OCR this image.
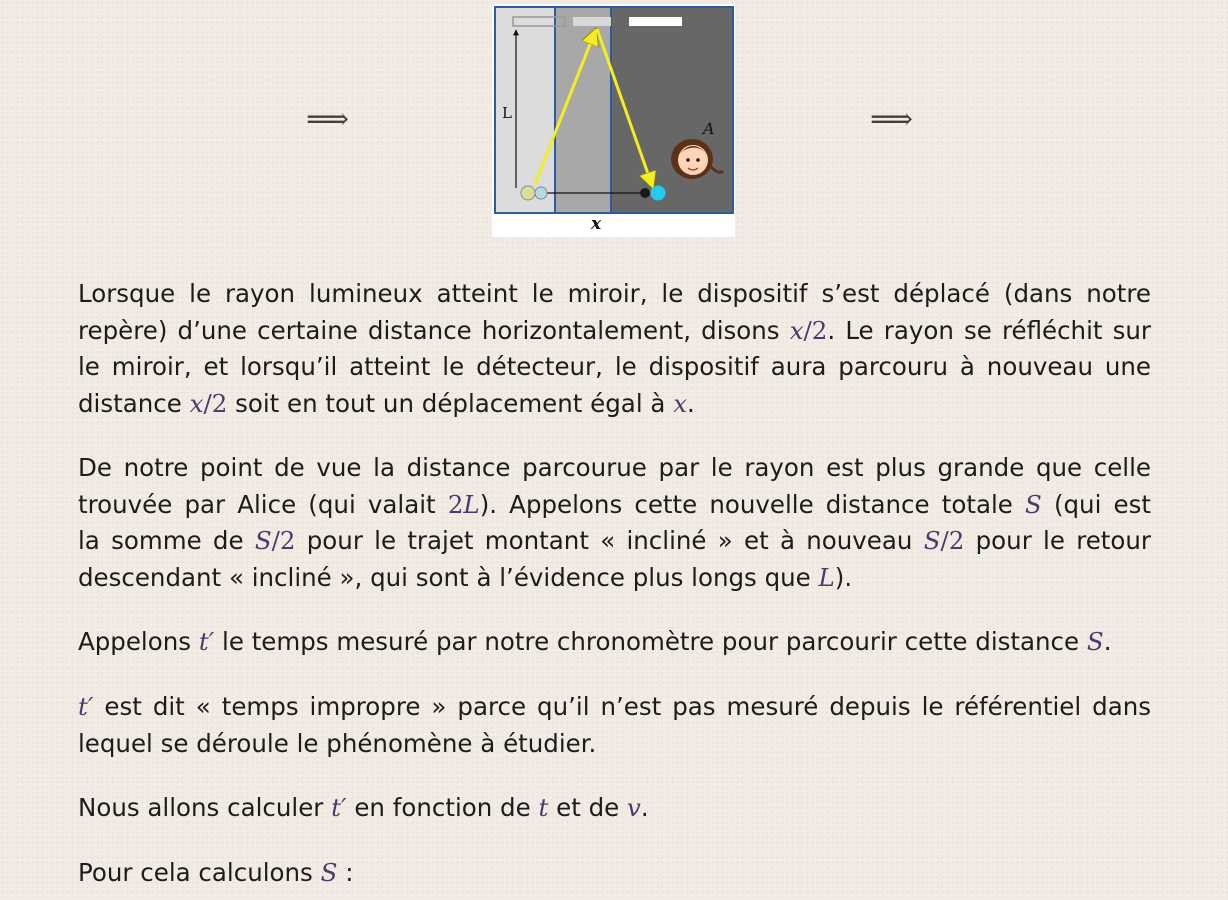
⟹	⟹
L
A
x
Lorsque le rayon lumineux atteint le miroir, le dispositif s’est déplacé (dans notre
repère) d’une certaine distance horizontalement, disons x/2. Le rayon se réfléchit sur
le miroir, et lorsqu’il atteint le détecteur, le dispositif aura parcouru à nouveau une
distance x/2 soit en tout un déplacement égal à x.
De notre point de vue la distance parcourue par le rayon est plus grande que celle
trouvée par Alice (qui valait 2L). Appelons cette nouvelle distance totale S (qui est
la somme de S/2 pour le trajet montant « incliné » et à nouveau S/2 pour le retour
descendant « incliné », qui sont à l’évidence plus longs que L).
Appelons t′ le temps mesuré par notre chronomètre pour parcourir cette distance S.
t′ est dit « temps impropre » parce qu’il n’est pas mesuré depuis le référentiel dans
lequel se déroule le phénomène à étudier.
Nous allons calculer t′ en fonction de t et de v.
Pour cela calculons S :
